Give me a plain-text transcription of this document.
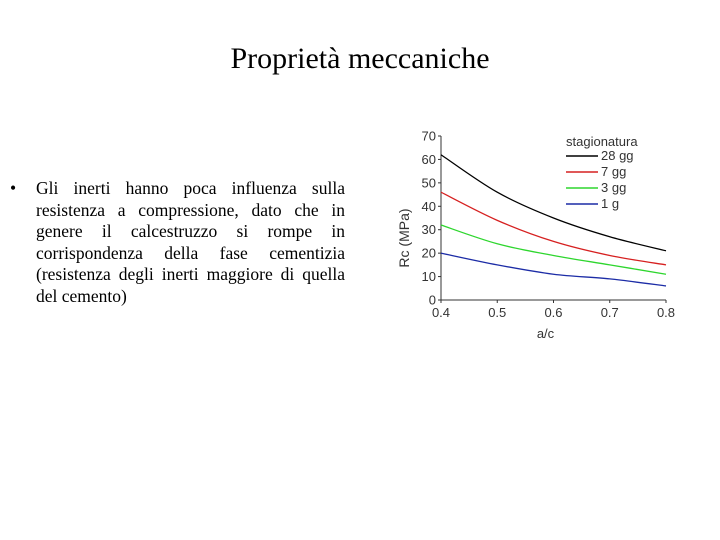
Proprietà meccaniche
•	Gli inerti hanno poca influenza sulla resistenza a compressione, dato che in genere il calcestruzzo si rompe in corrispondenza della fase cementizia (resistenza degli inerti maggiore di quella del cemento)	0
10
20
30
40
50
60
70
0.4	0.5	0.6	0.7	0.8
a/c
Rc (MPa)
stagionatura
28 gg
7 gg
3 gg
1 g
